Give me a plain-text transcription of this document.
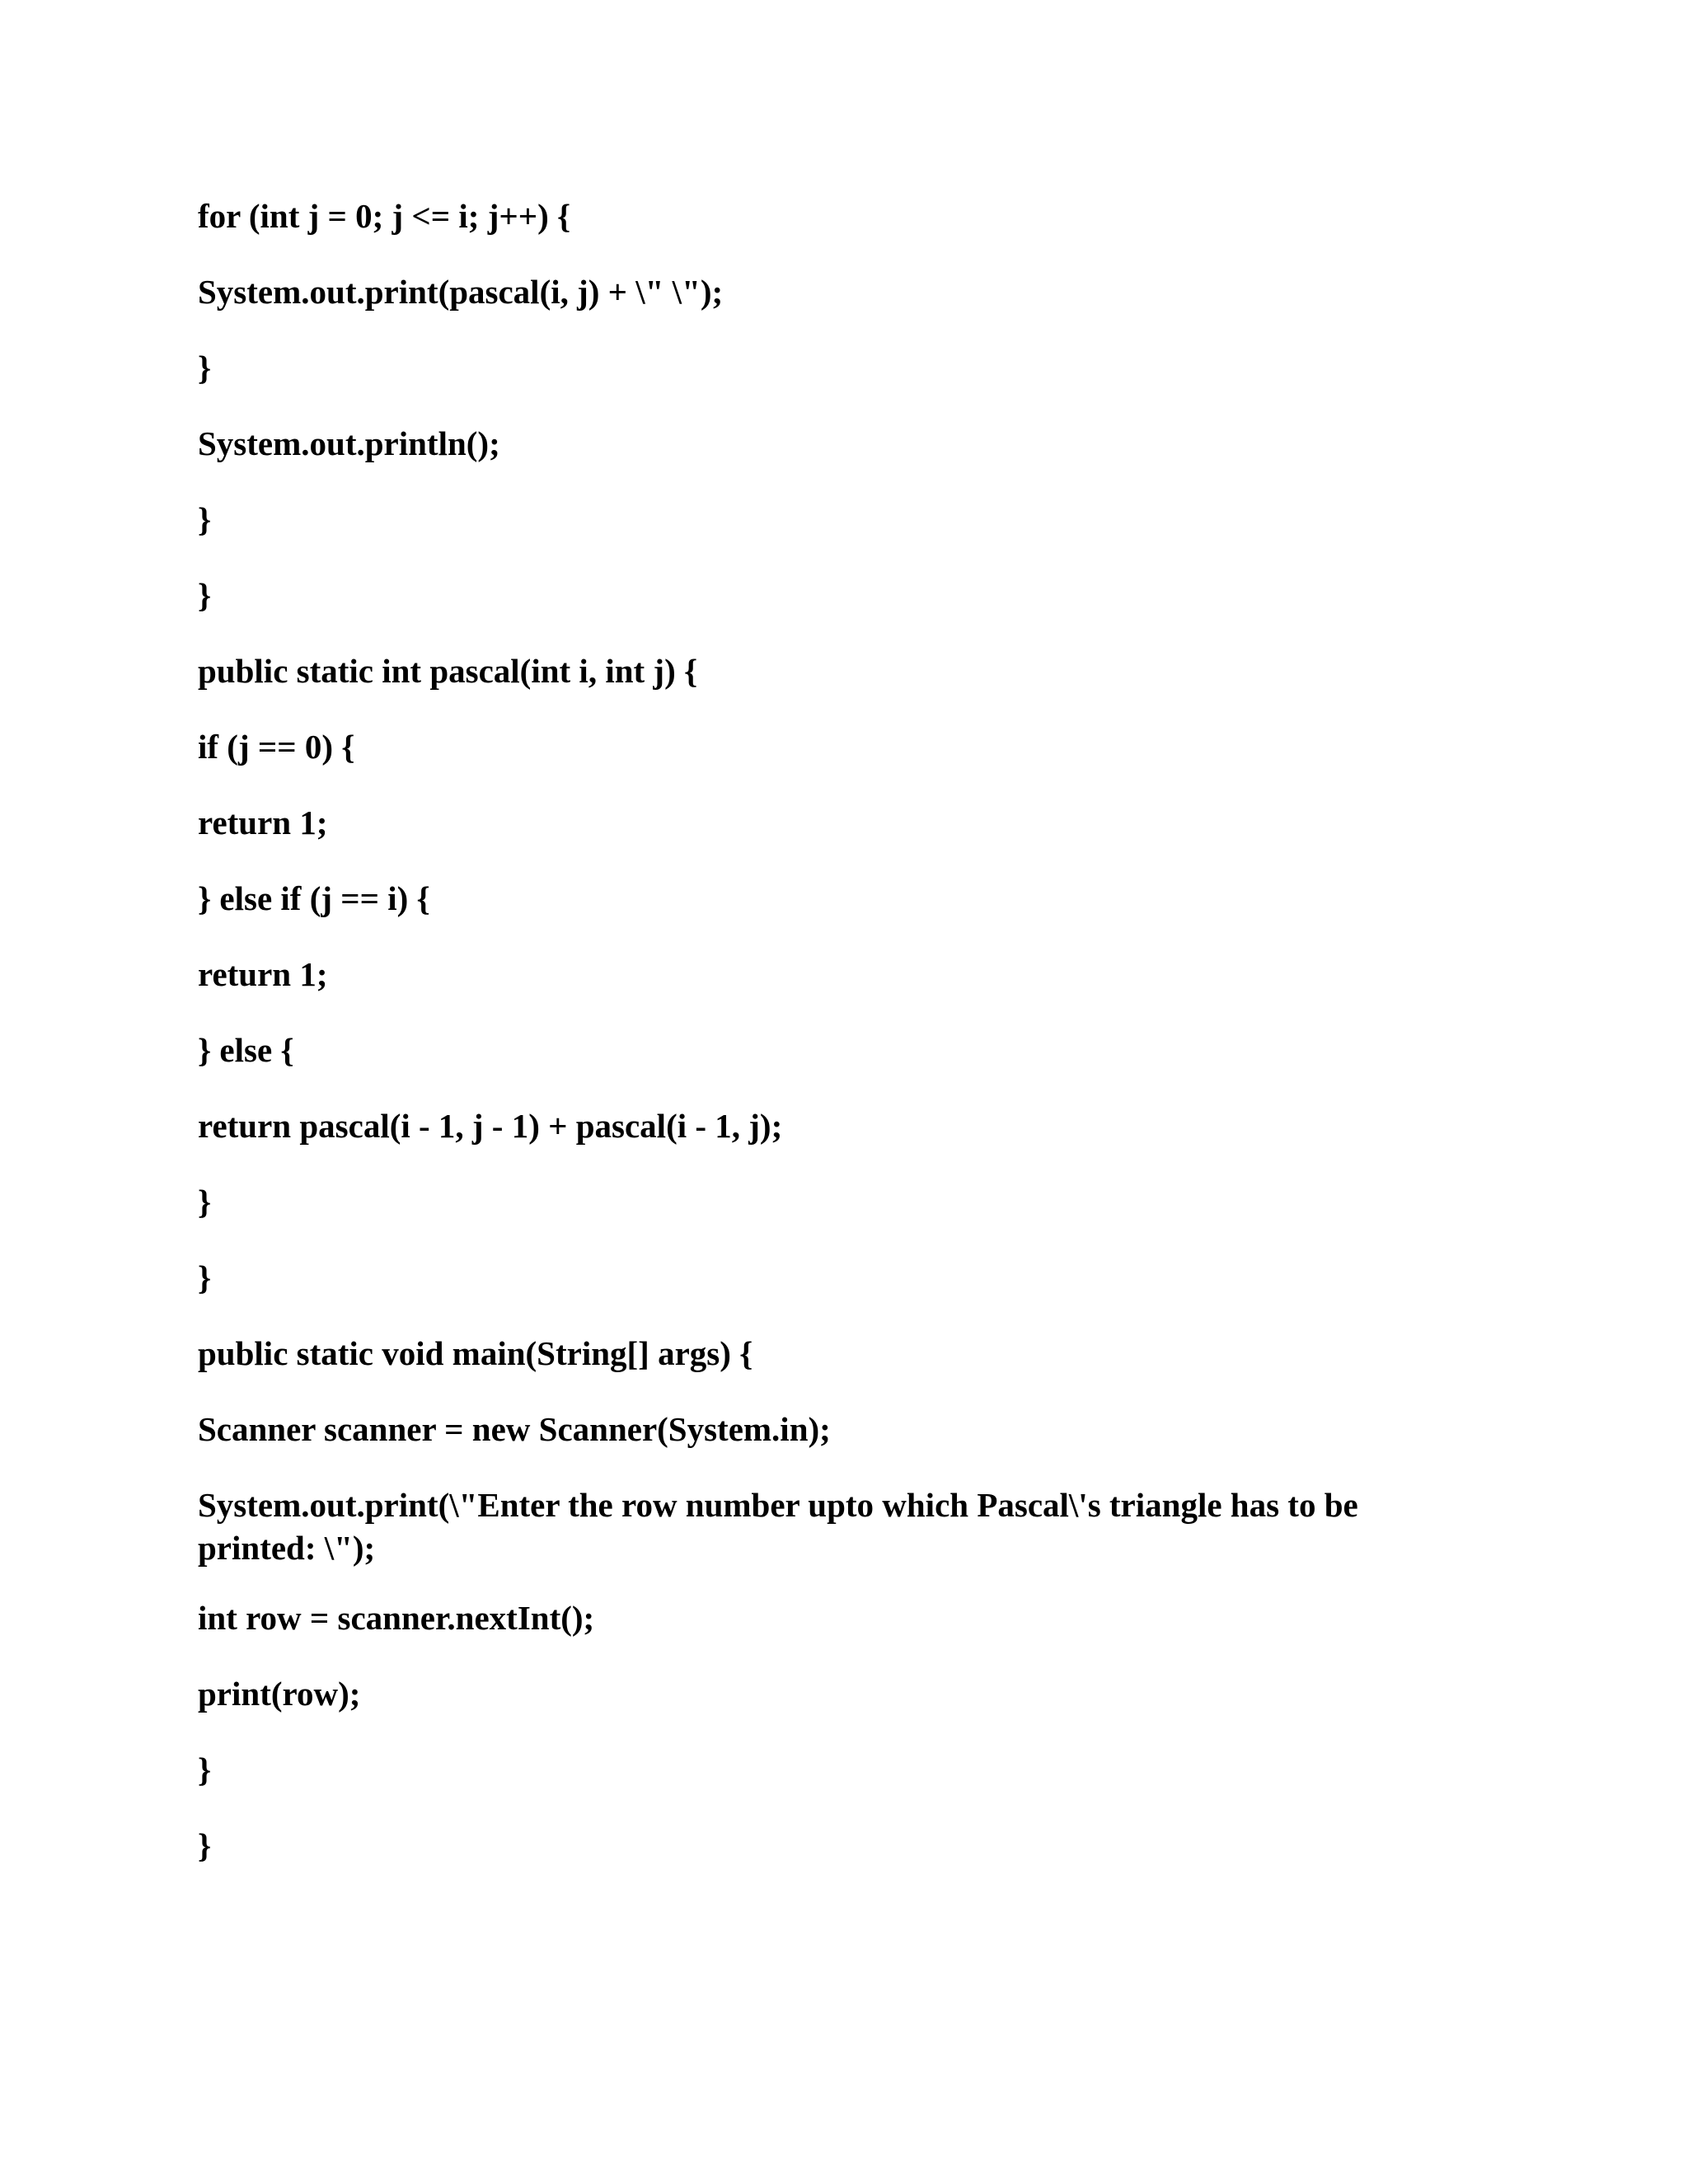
for (int j = 0; j <= i; j++) {

System.out.print(pascal(i, j) + \" \");

}

System.out.println();

}

}

public static int pascal(int i, int j) {

if (j == 0) {

return 1;

} else if (j == i) {

return 1;

} else {

return pascal(i - 1, j - 1) + pascal(i - 1, j);

}

}

public static void main(String[] args) {

Scanner scanner = new Scanner(System.in);

System.out.print(\"Enter the row number upto which Pascal\'s triangle has to be printed: \");

int row = scanner.nextInt();

print(row);

}

}
